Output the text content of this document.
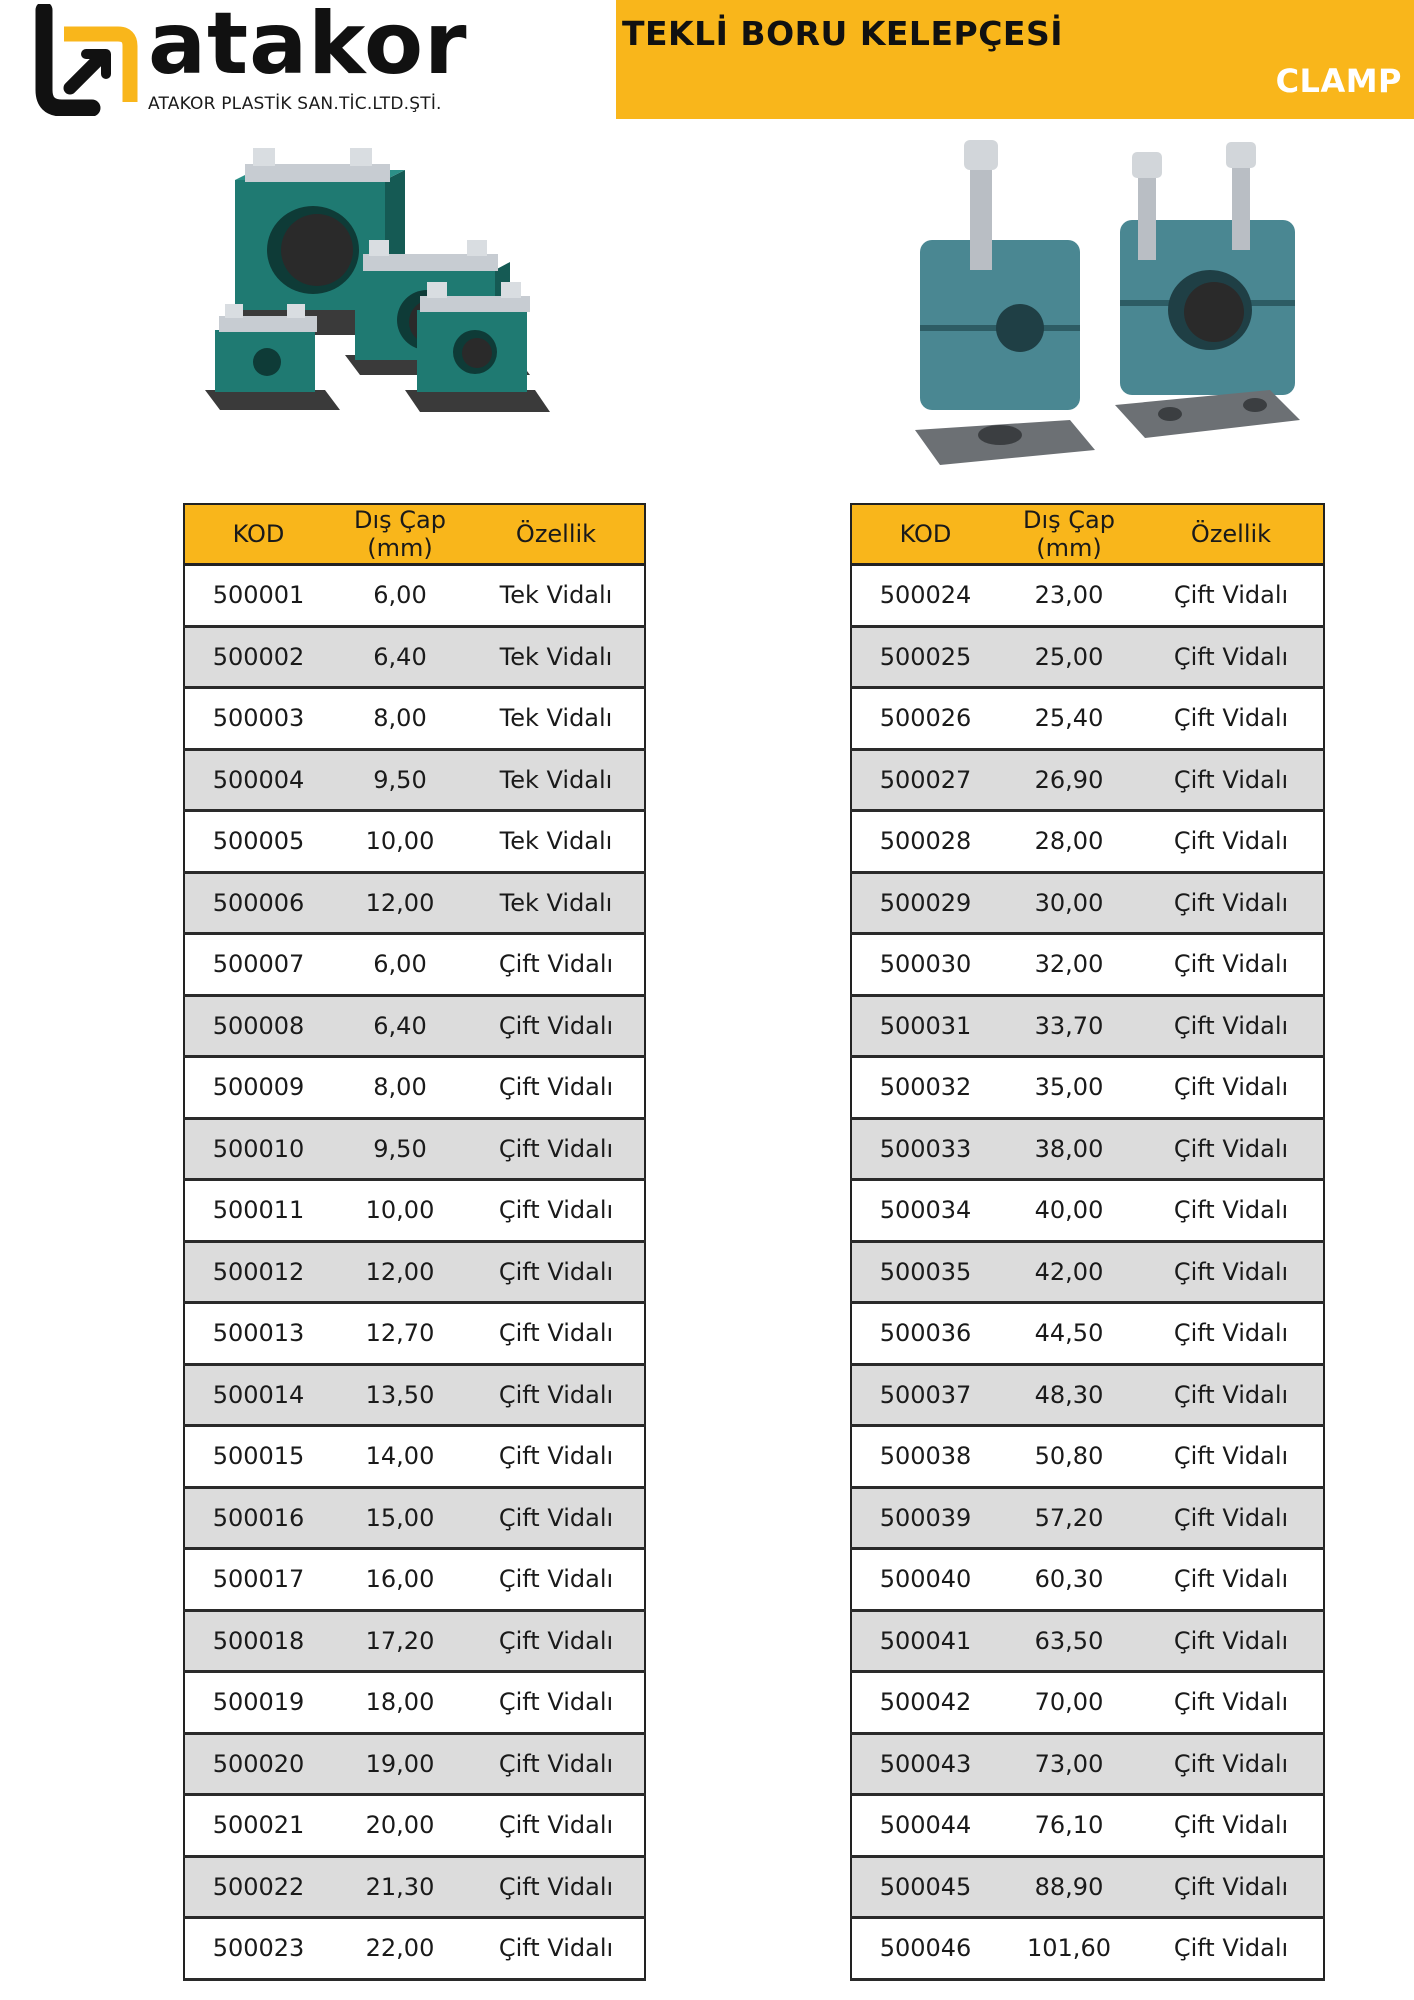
atakor
ATAKOR PLASTİK SAN.TİC.LTD.ŞTİ.
TEKLİ BORU KELEPÇESİ
CLAMP
KOD	Dış Çap (mm)	Özellik
500001	6,00	Tek Vidalı
500002	6,40	Tek Vidalı
500003	8,00	Tek Vidalı
500004	9,50	Tek Vidalı
500005	10,00	Tek Vidalı
500006	12,00	Tek Vidalı
500007	6,00	Çift Vidalı
500008	6,40	Çift Vidalı
500009	8,00	Çift Vidalı
500010	9,50	Çift Vidalı
500011	10,00	Çift Vidalı
500012	12,00	Çift Vidalı
500013	12,70	Çift Vidalı
500014	13,50	Çift Vidalı
500015	14,00	Çift Vidalı
500016	15,00	Çift Vidalı
500017	16,00	Çift Vidalı
500018	17,20	Çift Vidalı
500019	18,00	Çift Vidalı
500020	19,00	Çift Vidalı
500021	20,00	Çift Vidalı
500022	21,30	Çift Vidalı
500023	22,00	Çift Vidalı
KOD	Dış Çap (mm)	Özellik
500024	23,00	Çift Vidalı
500025	25,00	Çift Vidalı
500026	25,40	Çift Vidalı
500027	26,90	Çift Vidalı
500028	28,00	Çift Vidalı
500029	30,00	Çift Vidalı
500030	32,00	Çift Vidalı
500031	33,70	Çift Vidalı
500032	35,00	Çift Vidalı
500033	38,00	Çift Vidalı
500034	40,00	Çift Vidalı
500035	42,00	Çift Vidalı
500036	44,50	Çift Vidalı
500037	48,30	Çift Vidalı
500038	50,80	Çift Vidalı
500039	57,20	Çift Vidalı
500040	60,30	Çift Vidalı
500041	63,50	Çift Vidalı
500042	70,00	Çift Vidalı
500043	73,00	Çift Vidalı
500044	76,10	Çift Vidalı
500045	88,90	Çift Vidalı
500046	101,60	Çift Vidalı
